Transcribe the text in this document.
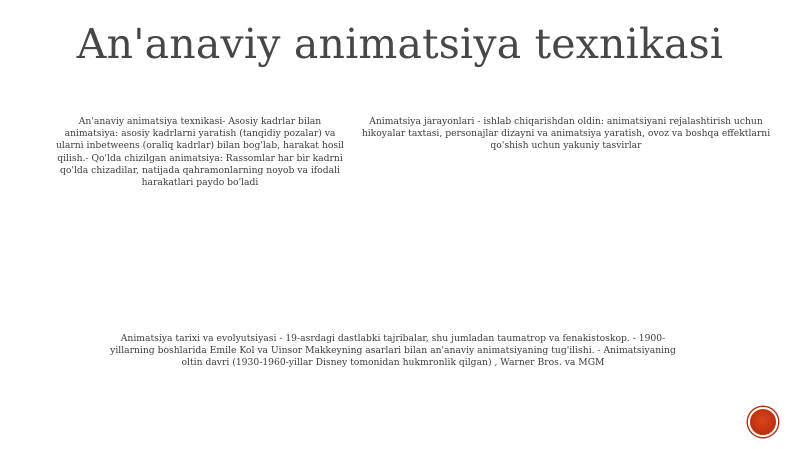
An'anaviy animatsiya texnikasi
An'anaviy animatsiya texnikasi- Asosiy kadrlar bilan animatsiya: asosiy kadrlarni yaratish (tanqidiy pozalar) va ularni inbetweens (oraliq kadrlar) bilan bog'lab, harakat hosil qilish.- Qo'lda chizilgan animatsiya: Rassomlar har bir kadrni qo'lda chizadilar, natijada qahramonlarning noyob va ifodali harakatlari paydo bo'ladi
Animatsiya jarayonlari - ishlab chiqarishdan oldin: animatsiyani rejalashtirish uchun hikoyalar taxtasi, personajlar dizayni va animatsiya yaratish, ovoz va boshqa effektlarni qo'shish uchun yakuniy tasvirlar
Animatsiya tarixi va evolyutsiyasi - 19-asrdagi dastlabki tajribalar, shu jumladan taumatrop va fenakistoskop. - 1900-yillarning boshlarida Emile Kol va Uinsor Makkeyning asarlari bilan an'anaviy animatsiyaning tug'ilishi. - Animatsiyaning oltin davri (1930-1960-yillar Disney tomonidan hukmronlik qilgan) , Warner Bros. va MGM
